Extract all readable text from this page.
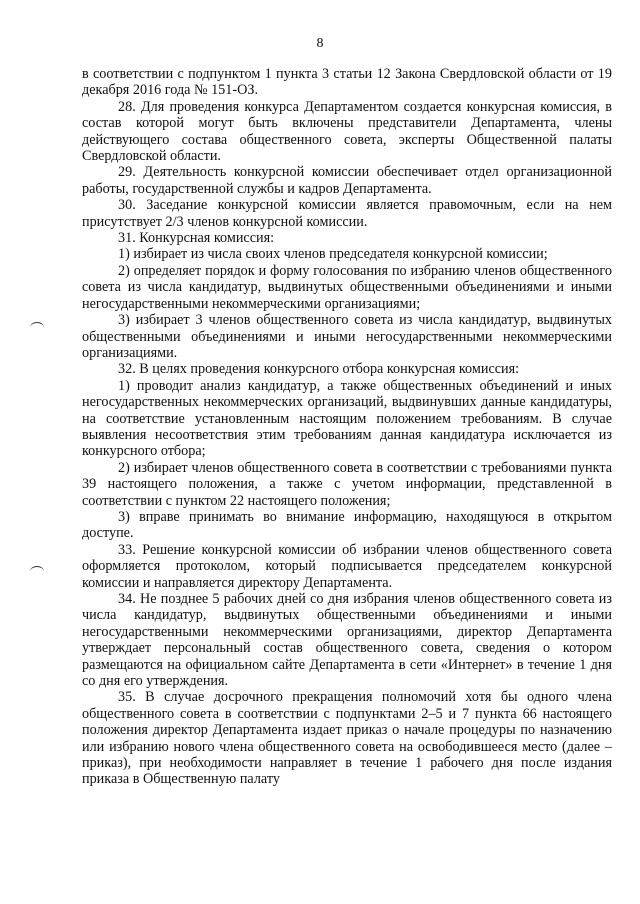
8

в соответствии с подпунктом 1 пункта 3 статьи 12 Закона Свердловской области от 19 декабря 2016 года № 151-ОЗ.

28. Для проведения конкурса Департаментом создается конкурсная комиссия, в состав которой могут быть включены представители Департамента, члены действующего состава общественного совета, эксперты Общественной палаты Свердловской области.

29. Деятельность конкурсной комиссии обеспечивает отдел организационной работы, государственной службы и кадров Департамента.

30. Заседание конкурсной комиссии является правомочным, если на нем присутствует 2/3 членов конкурсной комиссии.

31. Конкурсная комиссия:

1) избирает из числа своих членов председателя конкурсной комиссии;

2) определяет порядок и форму голосования по избранию членов общественного совета из числа кандидатур, выдвинутых общественными объединениями и иными негосударственными некоммерческими организациями;

3) избирает 3 членов общественного совета из числа кандидатур, выдвинутых общественными объединениями и иными негосударственными некоммерческими организациями.

32. В целях проведения конкурсного отбора конкурсная комиссия:

1) проводит анализ кандидатур, а также общественных объединений и иных негосударственных некоммерческих организаций, выдвинувших данные кандидатуры, на соответствие установленным настоящим положением требованиям. В случае выявления несоответствия этим требованиям данная кандидатура исключается из конкурсного отбора;

2) избирает членов общественного совета в соответствии с требованиями пункта 39 настоящего положения, а также с учетом информации, представленной в соответствии с пунктом 22 настоящего положения;

3) вправе принимать во внимание информацию, находящуюся в открытом доступе.

33. Решение конкурсной комиссии об избрании членов общественного совета оформляется протоколом, который подписывается председателем конкурсной комиссии и направляется директору Департамента.

34. Не позднее 5 рабочих дней со дня избрания членов общественного совета из числа кандидатур, выдвинутых общественными объединениями и иными негосударственными некоммерческими организациями, директор Департамента утверждает персональный состав общественного совета, сведения о котором размещаются на официальном сайте Департамента в сети «Интернет» в течение 1 дня со дня его утверждения.

35. В случае досрочного прекращения полномочий хотя бы одного члена общественного совета в соответствии с подпунктами 2–5 и 7 пункта 66 настоящего положения директор Департамента издает приказ о начале процедуры по назначению или избранию нового члена общественного совета на освободившееся место (далее – приказ), при необходимости направляет в течение 1 рабочего дня после издания приказа в Общественную палату
